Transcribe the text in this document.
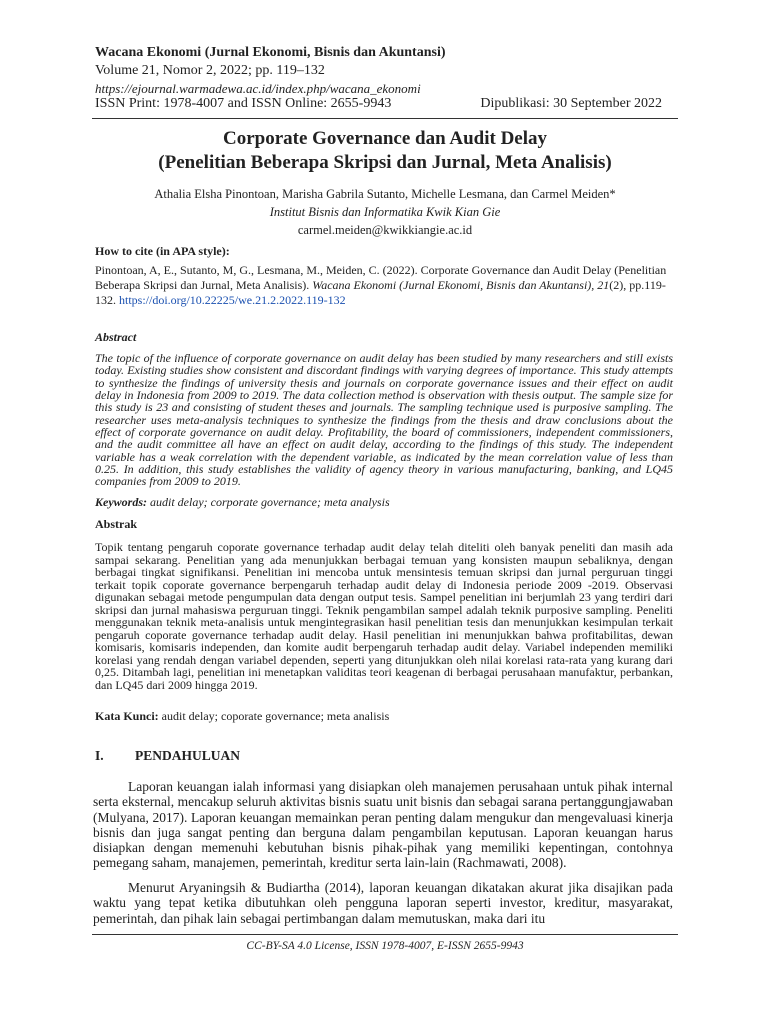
Wacana Ekonomi (Jurnal Ekonomi, Bisnis dan Akuntansi)
Volume 21, Nomor 2, 2022; pp. 119–132
https://ejournal.warmadewa.ac.id/index.php/wacana_ekonomi
ISSN Print: 1978-4007 and ISSN Online: 2655-9943	Dipublikasi: 30 September 2022
Corporate Governance dan Audit Delay
(Penelitian Beberapa Skripsi dan Jurnal, Meta Analisis)
Athalia Elsha Pinontoan, Marisha Gabrila Sutanto, Michelle Lesmana, dan Carmel Meiden*
Institut Bisnis dan Informatika Kwik Kian Gie
carmel.meiden@kwikkiangie.ac.id
How to cite (in APA style):
Pinontoan, A, E., Sutanto, M, G., Lesmana, M., Meiden, C. (2022). Corporate Governance dan Audit Delay (Penelitian Beberapa Skripsi dan Jurnal, Meta Analisis). Wacana Ekonomi (Jurnal Ekonomi, Bisnis dan Akuntansi), 21(2), pp.119-132. https://doi.org/10.22225/we.21.2.2022.119-132
Abstract
The topic of the influence of corporate governance on audit delay has been studied by many researchers and still exists today. Existing studies show consistent and discordant findings with varying degrees of importance. This study attempts to synthesize the findings of university thesis and journals on corporate governance issues and their effect on audit delay in Indonesia from 2009 to 2019. The data collection method is observation with thesis output. The sample size for this study is 23 and consisting of student theses and journals. The sampling technique used is purposive sampling. The researcher uses meta-analysis techniques to synthesize the findings from the thesis and draw conclusions about the effect of corporate governance on audit delay. Profitability, the board of commissioners, independent commissioners, and the audit committee all have an effect on audit delay, according to the findings of this study. The independent variable has a weak correlation with the dependent variable, as indicated by the mean correlation value of less than 0.25. In addition, this study establishes the validity of agency theory in various manufacturing, banking, and LQ45 companies from 2009 to 2019.
Keywords: audit delay; corporate governance; meta analysis
Abstrak
Topik tentang pengaruh coporate governance terhadap audit delay telah diteliti oleh banyak peneliti dan masih ada sampai sekarang. Penelitian yang ada menunjukkan berbagai temuan yang konsisten maupun sebaliknya, dengan berbagai tingkat signifikansi. Penelitian ini mencoba untuk mensintesis temuan skripsi dan jurnal perguruan tinggi terkait topik coporate governance berpengaruh terhadap audit delay di Indonesia periode 2009 -2019. Observasi digunakan sebagai metode pengumpulan data dengan output tesis. Sampel penelitian ini berjumlah 23 yang terdiri dari skripsi dan jurnal mahasiswa perguruan tinggi. Teknik pengambilan sampel adalah teknik purposive sampling. Peneliti menggunakan teknik meta-analisis untuk mengintegrasikan hasil penelitian tesis dan menunjukkan kesimpulan terkait pengaruh coporate governance terhadap audit delay. Hasil penelitian ini menunjukkan bahwa profitabilitas, dewan komisaris, komisaris independen, dan komite audit berpengaruh terhadap audit delay. Variabel independen memiliki korelasi yang rendah dengan variabel dependen, seperti yang ditunjukkan oleh nilai korelasi rata-rata yang kurang dari 0,25. Ditambah lagi, penelitian ini menetapkan validitas teori keagenan di berbagai perusahaan manufaktur, perbankan, dan LQ45 dari 2009 hingga 2019.
Kata Kunci: audit delay; coporate governance; meta analisis
I. PENDAHULUAN
Laporan keuangan ialah informasi yang disiapkan oleh manajemen perusahaan untuk pihak internal serta eksternal, mencakup seluruh aktivitas bisnis suatu unit bisnis dan sebagai sarana pertanggungjawaban (Mulyana, 2017). Laporan keuangan memainkan peran penting dalam mengukur dan mengevaluasi kinerja bisnis dan juga sangat penting dan berguna dalam pengambilan keputusan. Laporan keuangan harus disiapkan dengan memenuhi kebutuhan bisnis pihak-pihak yang memiliki kepentingan, contohnya pemegang saham, manajemen, pemerintah, kreditur serta lain-lain (Rachmawati, 2008).
Menurut Aryaningsih & Budiartha (2014), laporan keuangan dikatakan akurat jika disajikan pada waktu yang tepat ketika dibutuhkan oleh pengguna laporan seperti investor, kreditur, masyarakat, pemerintah, dan pihak lain sebagai pertimbangan dalam memutuskan, maka dari itu
CC-BY-SA 4.0 License, ISSN 1978-4007, E-ISSN 2655-9943
